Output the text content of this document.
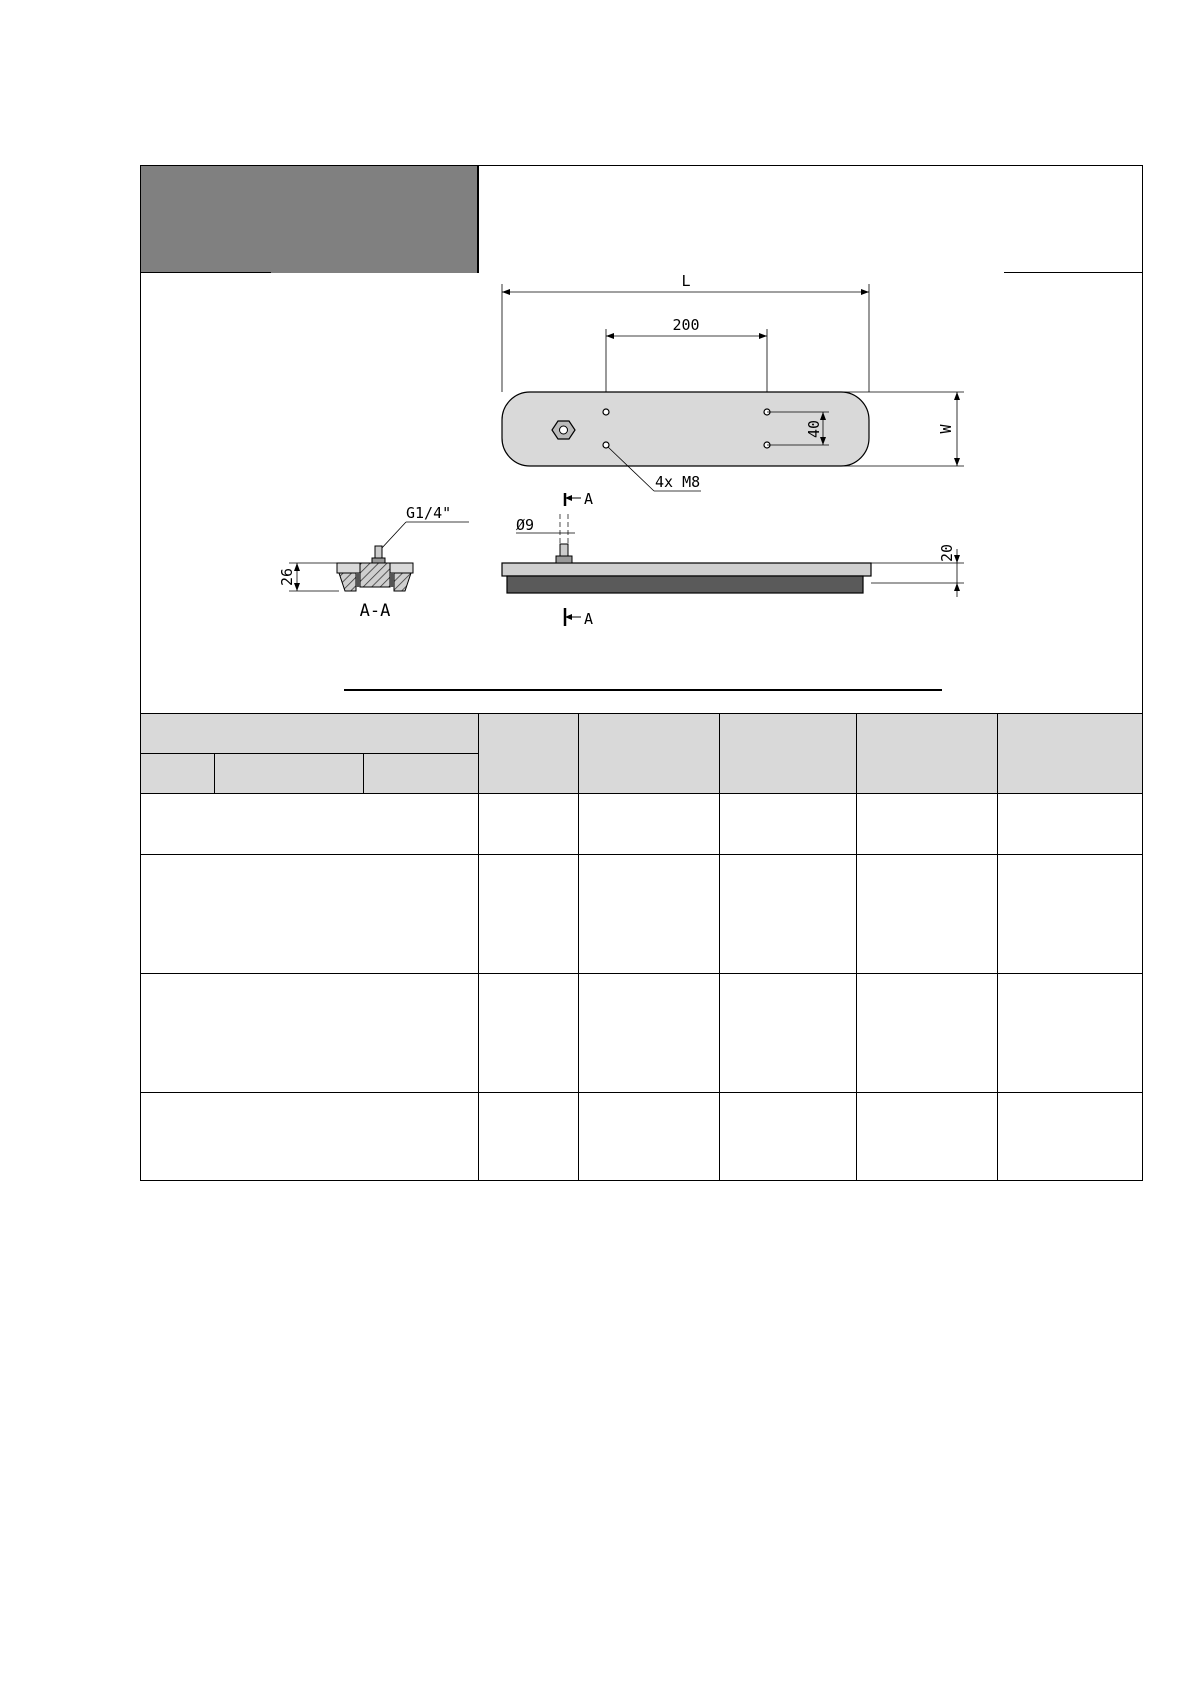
L
200
40	W
4x M8
A
Ø9
20
A
G1/4"
26
A-A
